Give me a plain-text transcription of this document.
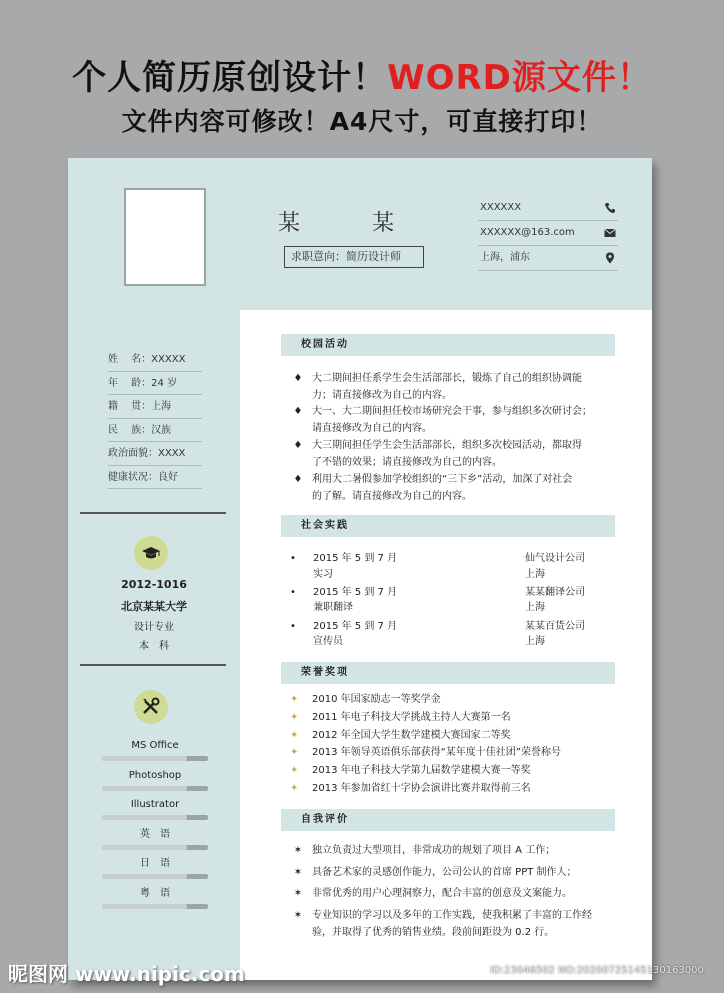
个人简历原创设计！WORD源文件！
文件内容可修改！A4尺寸，可直接打印！
某	某
求职意向：简历设计师
XXXXXX
XXXXXX@163.com
上海，浦东
姓　 名：XXXXX
年　 龄：24 岁
籍　 贯：上海
民　 族：汉族
政治面貌：XXXX
健康状况：良好
2012-1016
北京某某大学
设计专业
本　科
MS Office
Photoshop
Illustrator
英　语
日　语
粤　语
校园活动
♦ 大二期间担任系学生会生活部部长，锻炼了自己的组织协调能
力；请直接修改为自己的内容。
♦ 大一、大二期间担任校市场研究会干事，参与组织多次研讨会；
请直接修改为自己的内容。
♦ 大三期间担任学生会生活部部长，组织多次校园活动，都取得
了不错的效果；请直接修改为自己的内容。
♦ 利用大二暑假参加学校组织的“三下乡”活动，加深了对社会
的了解。请直接修改为自己的内容。
社会实践
• 2015 年 5 到 7 月	仙气设计公司
实习	上海
• 2015 年 5 到 7 月	某某翻译公司
兼职翻译	上海
• 2015 年 5 到 7 月	某某百货公司
宣传员	上海
荣誉奖项
✦ 2010 年国家励志一等奖学金
✦ 2011 年电子科技大学挑战主持人大赛第一名
✦ 2012 年全国大学生数学建模大赛国家二等奖
✦ 2013 年领导英语俱乐部获得“某年度十佳社团”荣誉称号
✦ 2013 年电子科技大学第九届数学建模大赛一等奖
✦ 2013 年参加省红十字协会演讲比赛并取得前三名
自我评价
✶ 独立负责过大型项目，非常成功的规划了项目 A 工作；
✶ 具备艺术家的灵感创作能力，公司公认的首席 PPT 制作人；
✶ 非常优秀的用户心理洞察力，配合丰富的创意及文案能力。
✶ 专业知识的学习以及多年的工作实践，使我积累了丰富的工作经
验，并取得了优秀的销售业绩。段前间距设为 0.2 行。
昵图网 www.nipic.com	ID:23046502 NO:20200725145130163000
